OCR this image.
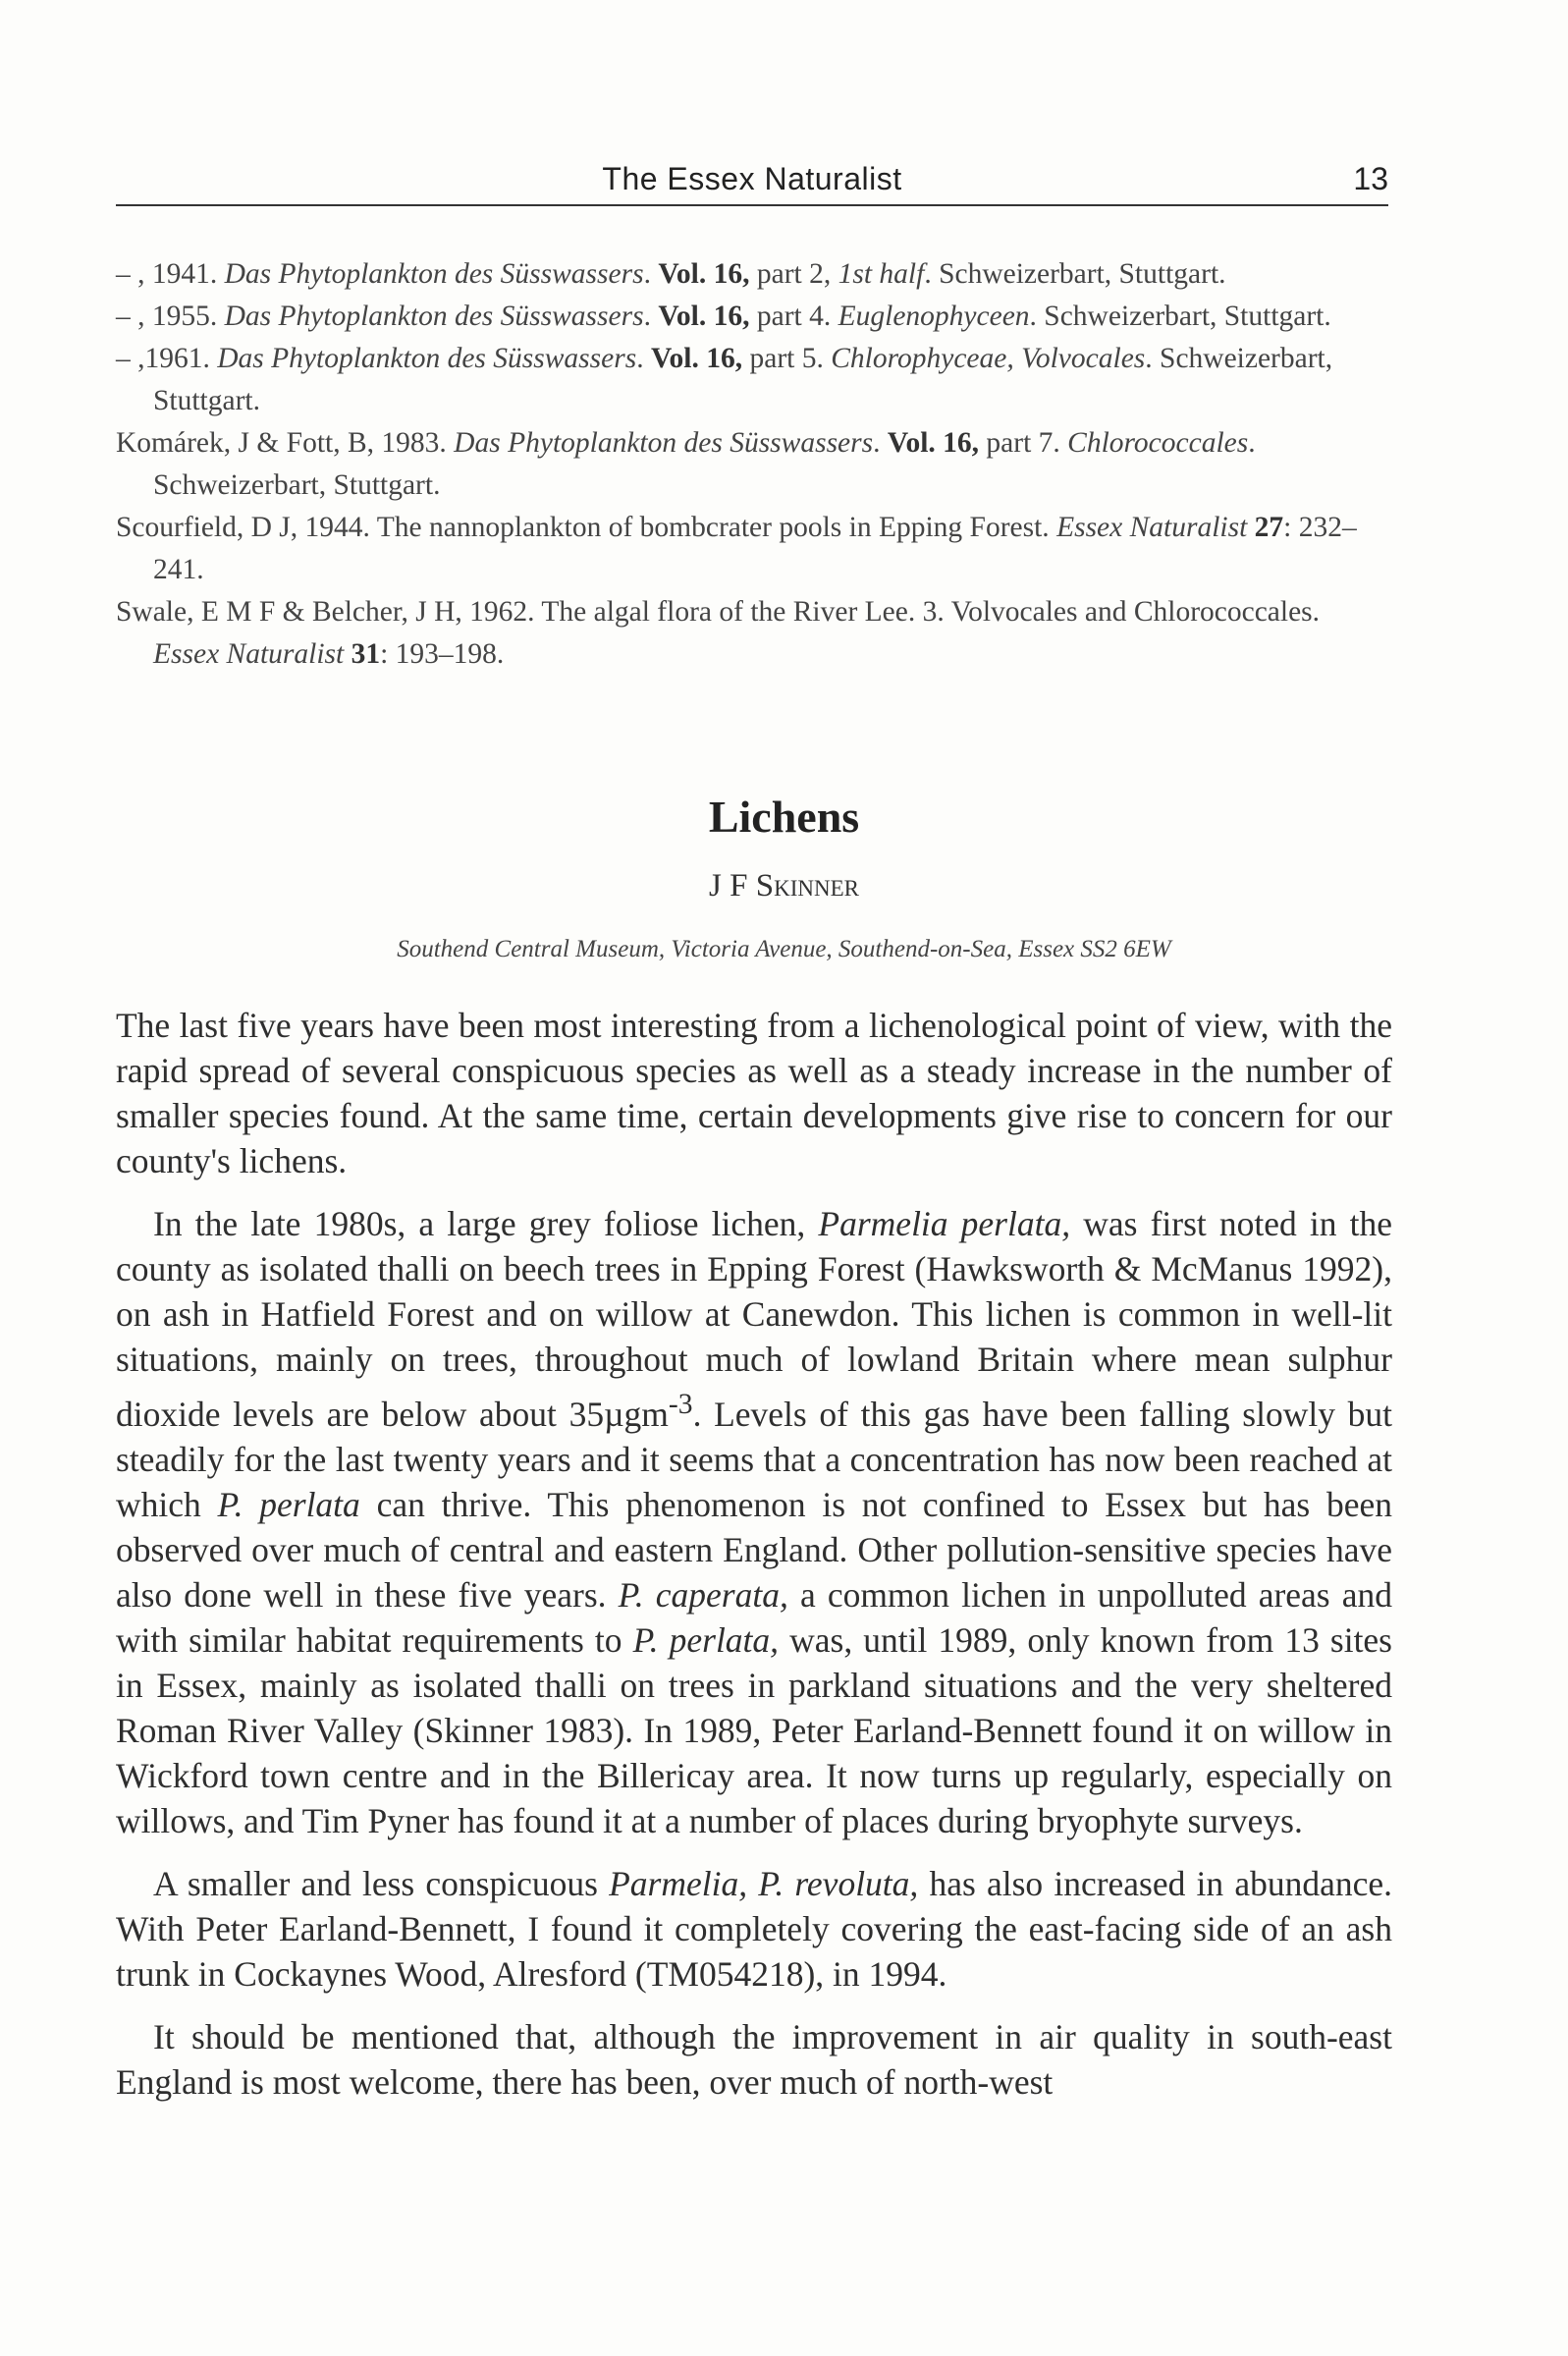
The Essex Naturalist	13

– , 1941. Das Phytoplankton des Süsswassers. Vol. 16, part 2, 1st half. Schweizerbart, Stuttgart.

– , 1955. Das Phytoplankton des Süsswassers. Vol. 16, part 4. Euglenophyceen. Schweizerbart, Stuttgart.

– ,1961. Das Phytoplankton des Süsswassers. Vol. 16, part 5. Chlorophyceae, Volvocales. Schweizerbart, Stuttgart.

Komárek, J & Fott, B, 1983. Das Phytoplankton des Süsswassers. Vol. 16, part 7. Chlorococcales. Schweizerbart, Stuttgart.

Scourfield, D J, 1944. The nannoplankton of bombcrater pools in Epping Forest. Essex Naturalist 27: 232–241.

Swale, E M F & Belcher, J H, 1962. The algal flora of the River Lee. 3. Volvocales and Chlorococcales. Essex Naturalist 31: 193–198.

Lichens
J F Skinner
Southend Central Museum, Victoria Avenue, Southend-on-Sea, Essex SS2 6EW

The last five years have been most interesting from a lichenological point of view, with the rapid spread of several conspicuous species as well as a steady increase in the number of smaller species found. At the same time, certain developments give rise to concern for our county's lichens.

In the late 1980s, a large grey foliose lichen, Parmelia perlata, was first noted in the county as isolated thalli on beech trees in Epping Forest (Hawksworth & McManus 1992), on ash in Hatfield Forest and on willow at Canewdon. This lichen is common in well-lit situations, mainly on trees, throughout much of lowland Britain where mean sulphur dioxide levels are below about 35µgm$^{-3}$. Levels of this gas have been falling slowly but steadily for the last twenty years and it seems that a concentration has now been reached at which P. perlata can thrive. This phenomenon is not confined to Essex but has been observed over much of central and eastern England. Other pollution-sensitive species have also done well in these five years. P. caperata, a common lichen in unpolluted areas and with similar habitat requirements to P. perlata, was, until 1989, only known from 13 sites in Essex, mainly as isolated thalli on trees in parkland situations and the very sheltered Roman River Valley (Skinner 1983). In 1989, Peter Earland-Bennett found it on willow in Wickford town centre and in the Billericay area. It now turns up regularly, especially on willows, and Tim Pyner has found it at a number of places during bryophyte surveys.

A smaller and less conspicuous Parmelia, P. revoluta, has also increased in abundance. With Peter Earland-Bennett, I found it completely covering the east-facing side of an ash trunk in Cockaynes Wood, Alresford (TM054218), in 1994.

It should be mentioned that, although the improvement in air quality in south-east England is most welcome, there has been, over much of north-west
